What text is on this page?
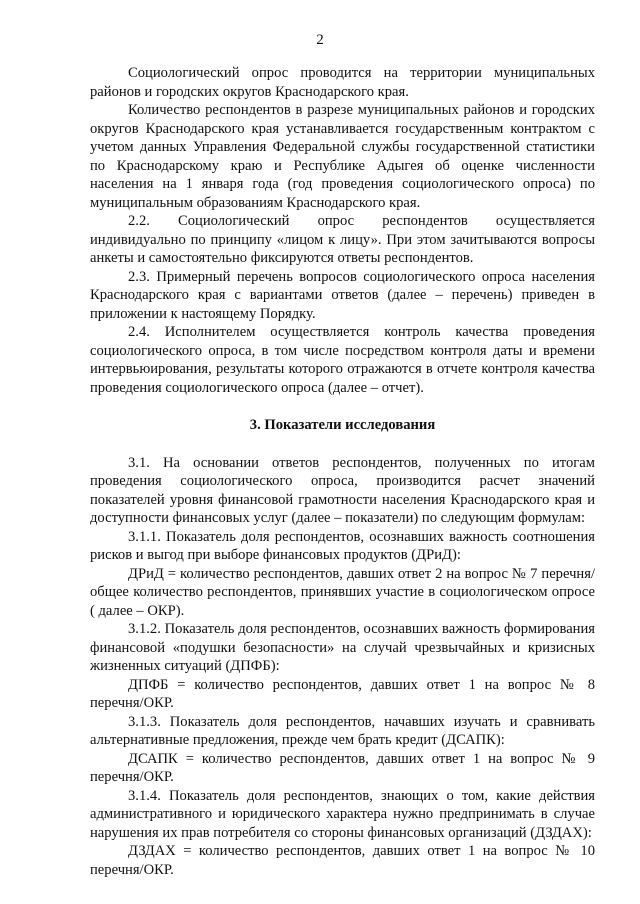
2

Социологический опрос проводится на территории муниципальных районов и городских округов Краснодарского края.

Количество респондентов в разрезе муниципальных районов и городских округов Краснодарского края устанавливается государственным контрактом с учетом данных Управления Федеральной службы государственной статистики по Краснодарскому краю и Республике Адыгея об оценке численности населения на 1 января года (год проведения социологического опроса) по муниципальным образованиям Краснодарского края.

2.2. Социологический опрос респондентов осуществляется индивидуально по принципу «лицом к лицу». При этом зачитываются вопросы анкеты и самостоятельно фиксируются ответы респондентов.

2.3. Примерный перечень вопросов социологического опроса населения Краснодарского края с вариантами ответов (далее – перечень) приведен в приложении к настоящему Порядку.

2.4. Исполнителем осуществляется контроль качества проведения социологического опроса, в том числе посредством контроля даты и времени интервьюирования, результаты которого отражаются в отчете контроля качества проведения социологического опроса (далее – отчет).

3. Показатели исследования

3.1. На основании ответов респондентов, полученных по итогам проведения социологического опроса, производится расчет значений показателей уровня финансовой грамотности населения Краснодарского края и доступности финансовых услуг (далее – показатели) по следующим формулам:

3.1.1. Показатель доля респондентов, осознавших важность соотношения рисков и выгод при выборе финансовых продуктов (ДРиД):

ДРиД = количество респондентов, давших ответ 2 на вопрос № 7 перечня/общее количество респондентов, принявших участие в социологическом опросе ( далее – ОКР).

3.1.2. Показатель доля респондентов, осознавших важность формирования финансовой «подушки безопасности» на случай чрезвычайных и кризисных жизненных ситуаций (ДПФБ):

ДПФБ = количество респондентов, давших ответ 1 на вопрос № 8 перечня/ОКР.

3.1.3. Показатель доля респондентов, начавших изучать и сравнивать альтернативные предложения, прежде чем брать кредит (ДСАПК):

ДСАПК = количество респондентов, давших ответ 1 на вопрос № 9 перечня/ОКР.

3.1.4. Показатель доля респондентов, знающих о том, какие действия административного и юридического характера нужно предпринимать в случае нарушения их прав потребителя со стороны финансовых организаций (ДЗДАХ):

ДЗДАХ = количество респондентов, давших ответ 1 на вопрос № 10 перечня/ОКР.
